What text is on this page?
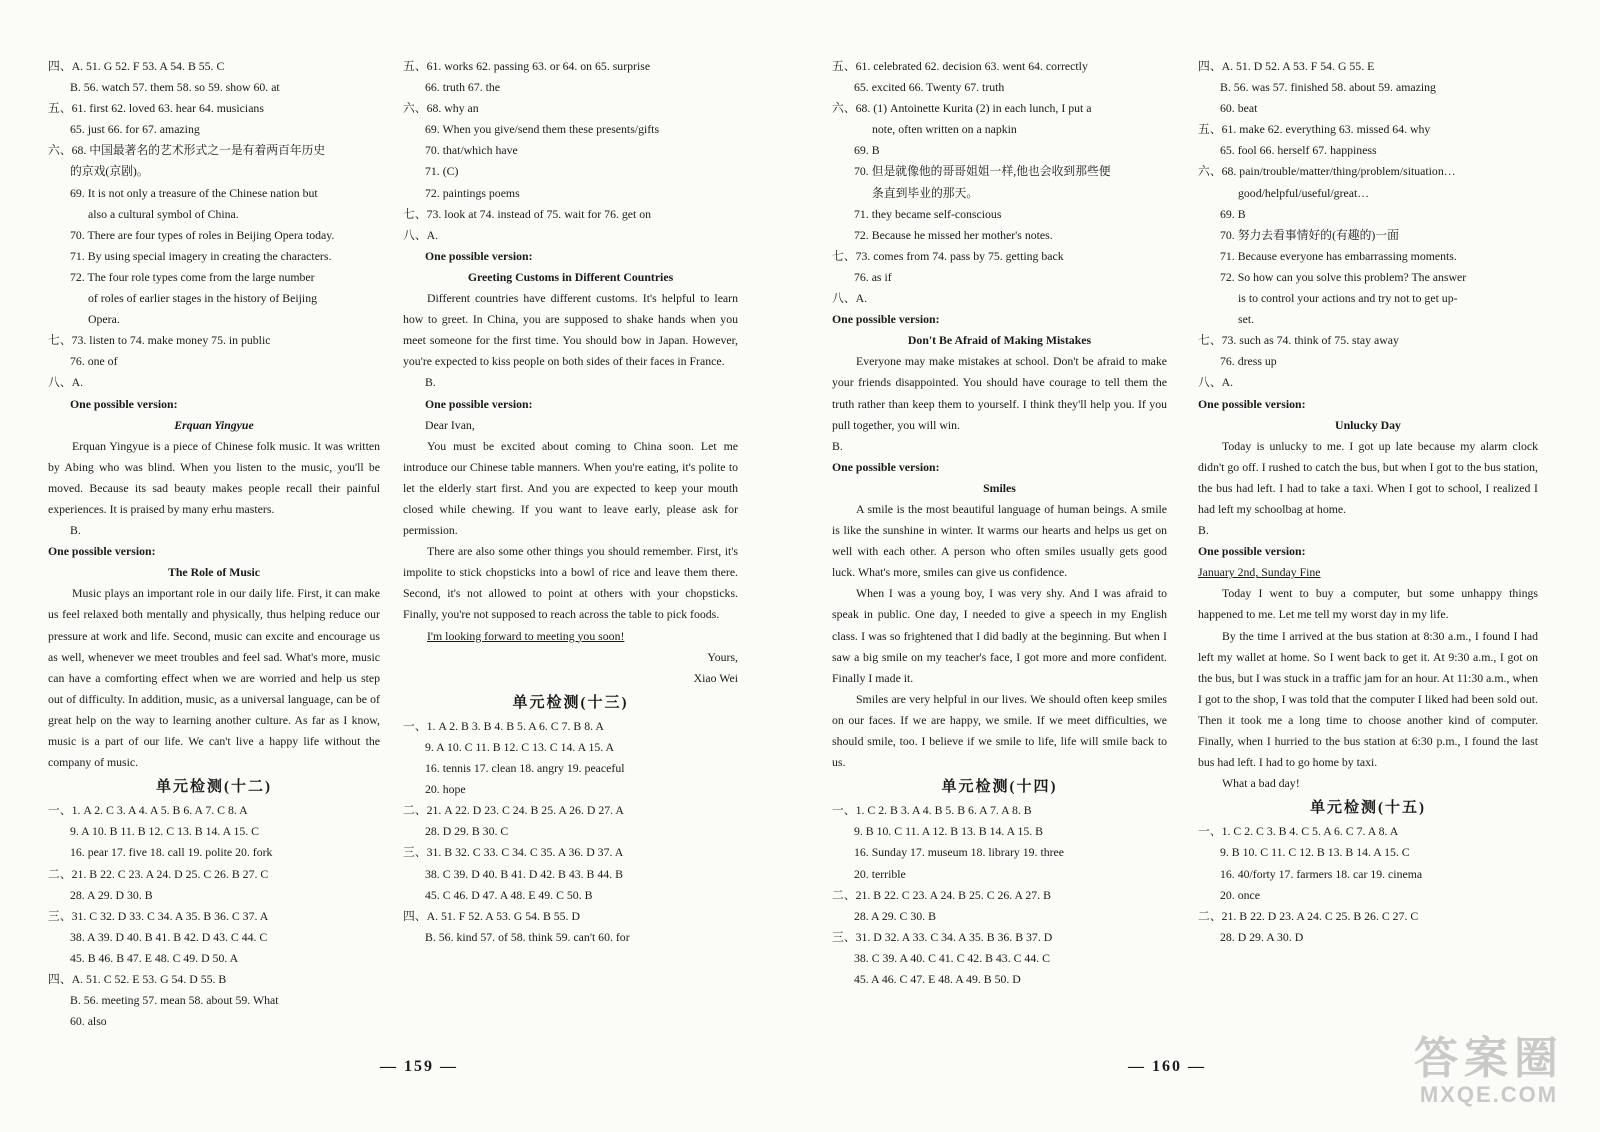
四、A. 51. G 52. F 53. A 54. B 55. C
B. 56. watch 57. them 58. so 59. show 60. at
五、61. first 62. loved 63. hear 64. musicians
65. just 66. for 67. amazing
六、68. 中国最著名的艺术形式之一是有着两百年历史
的京戏(京剧)。
69. It is not only a treasure of the Chinese nation but
also a cultural symbol of China.
70. There are four types of roles in Beijing Opera today.
71. By using special imagery in creating the characters.
72. The four role types come from the large number
of roles of earlier stages in the history of Beijing
Opera.
七、73. listen to 74. make money 75. in public
76. one of
八、A.
One possible version:
Erquan Yingyue
Erquan Yingyue is a piece of Chinese folk music. It was written by Abing who was blind. When you listen to the music, you'll be moved. Because its sad beauty makes people recall their painful experiences. It is praised by many erhu masters.
B.
One possible version:
The Role of Music
Music plays an important role in our daily life. First, it can make us feel relaxed both mentally and physically, thus helping reduce our pressure at work and life. Second, music can excite and encourage us as well, whenever we meet troubles and feel sad. What's more, music can have a comforting effect when we are worried and help us step out of difficulty. In addition, music, as a universal language, can be of great help on the way to learning another culture. As far as I know, music is a part of our life. We can't live a happy life without the company of music.
单元检测(十二)
一、1. A 2. C 3. A 4. A 5. B 6. A 7. C 8. A
9. A 10. B 11. B 12. C 13. B 14. A 15. C
16. pear 17. five 18. call 19. polite 20. fork
二、21. B 22. C 23. A 24. D 25. C 26. B 27. C
28. A 29. D 30. B
三、31. C 32. D 33. C 34. A 35. B 36. C 37. A
38. A 39. D 40. B 41. B 42. D 43. C 44. C
45. B 46. B 47. E 48. C 49. D 50. A
四、A. 51. C 52. E 53. G 54. D 55. B
B. 56. meeting 57. mean 58. about 59. What
60. also
五、61. works 62. passing 63. or 64. on 65. surprise
66. truth 67. the
六、68. why an
69. When you give/send them these presents/gifts
70. that/which have
71. (C)
72. paintings poems
七、73. look at 74. instead of 75. wait for 76. get on
八、A.
One possible version:
Greeting Customs in Different Countries
Different countries have different customs. It's helpful to learn how to greet. In China, you are supposed to shake hands when you meet someone for the first time. You should bow in Japan. However, you're expected to kiss people on both sides of their faces in France.
B.
One possible version:
Dear Ivan,
You must be excited about coming to China soon. Let me introduce our Chinese table manners. When you're eating, it's polite to let the elderly start first. And you are expected to keep your mouth closed while chewing. If you want to leave early, please ask for permission.
There are also some other things you should remember. First, it's impolite to stick chopsticks into a bowl of rice and leave them there. Second, it's not allowed to point at others with your chopsticks. Finally, you're not supposed to reach across the table to pick foods.
I'm looking forward to meeting you soon!
Yours,
Xiao Wei
单元检测(十三)
一、1. A 2. B 3. B 4. B 5. A 6. C 7. B 8. A
9. A 10. C 11. B 12. C 13. C 14. A 15. A
16. tennis 17. clean 18. angry 19. peaceful
20. hope
二、21. A 22. D 23. C 24. B 25. A 26. D 27. A
28. D 29. B 30. C
三、31. B 32. C 33. C 34. C 35. A 36. D 37. A
38. C 39. D 40. B 41. D 42. B 43. B 44. B
45. C 46. D 47. A 48. E 49. C 50. B
四、A. 51. F 52. A 53. G 54. B 55. D
B. 56. kind 57. of 58. think 59. can't 60. for
五、61. celebrated 62. decision 63. went 64. correctly
65. excited 66. Twenty 67. truth
六、68. (1) Antoinette Kurita (2) in each lunch, I put a
note, often written on a napkin
69. B
70. 但是就像他的哥哥姐姐一样,他也会收到那些便
条直到毕业的那天。
71. they became self-conscious
72. Because he missed her mother's notes.
七、73. comes from 74. pass by 75. getting back
76. as if
八、A.
One possible version:
Don't Be Afraid of Making Mistakes
Everyone may make mistakes at school. Don't be afraid to make your friends disappointed. You should have courage to tell them the truth rather than keep them to yourself. I think they'll help you. If you pull together, you will win.
B.
One possible version:
Smiles
A smile is the most beautiful language of human beings. A smile is like the sunshine in winter. It warms our hearts and helps us get on well with each other. A person who often smiles usually gets good luck. What's more, smiles can give us confidence.
When I was a young boy, I was very shy. And I was afraid to speak in public. One day, I needed to give a speech in my English class. I was so frightened that I did badly at the beginning. But when I saw a big smile on my teacher's face, I got more and more confident. Finally I made it.
Smiles are very helpful in our lives. We should often keep smiles on our faces. If we are happy, we smile. If we meet difficulties, we should smile, too. I believe if we smile to life, life will smile back to us.
单元检测(十四)
一、1. C 2. B 3. A 4. B 5. B 6. A 7. A 8. B
9. B 10. C 11. A 12. B 13. B 14. A 15. B
16. Sunday 17. museum 18. library 19. three
20. terrible
二、21. B 22. C 23. A 24. B 25. C 26. A 27. B
28. A 29. C 30. B
三、31. D 32. A 33. C 34. A 35. B 36. B 37. D
38. C 39. A 40. C 41. C 42. B 43. C 44. C
45. A 46. C 47. E 48. A 49. B 50. D
四、A. 51. D 52. A 53. F 54. G 55. E
B. 56. was 57. finished 58. about 59. amazing
60. beat
五、61. make 62. everything 63. missed 64. why
65. fool 66. herself 67. happiness
六、68. pain/trouble/matter/thing/problem/situation…
good/helpful/useful/great…
69. B
70. 努力去看事情好的(有趣的)一面
71. Because everyone has embarrassing moments.
72. So how can you solve this problem? The answer
is to control your actions and try not to get up-
set.
七、73. such as 74. think of 75. stay away
76. dress up
八、A.
One possible version:
Unlucky Day
Today is unlucky to me. I got up late because my alarm clock didn't go off. I rushed to catch the bus, but when I got to the bus station, the bus had left. I had to take a taxi. When I got to school, I realized I had left my schoolbag at home.
B.
One possible version:
January 2nd, Sunday Fine
Today I went to buy a computer, but some unhappy things happened to me. Let me tell my worst day in my life.
By the time I arrived at the bus station at 8:30 a.m., I found I had left my wallet at home. So I went back to get it. At 9:30 a.m., I got on the bus, but I was stuck in a traffic jam for an hour. At 11:30 a.m., when I got to the shop, I was told that the computer I liked had been sold out. Then it took me a long time to choose another kind of computer. Finally, when I hurried to the bus station at 6:30 p.m., I found the last bus had left. I had to go home by taxi.
What a bad day!
单元检测(十五)
一、1. C 2. C 3. B 4. C 5. A 6. C 7. A 8. A
9. B 10. C 11. C 12. B 13. B 14. A 15. C
16. 40/forty 17. farmers 18. car 19. cinema
20. once
二、21. B 22. D 23. A 24. C 25. B 26. C 27. C
28. D 29. A 30. D
— 159 —	— 160 —	答案圈
MXQE.COM
